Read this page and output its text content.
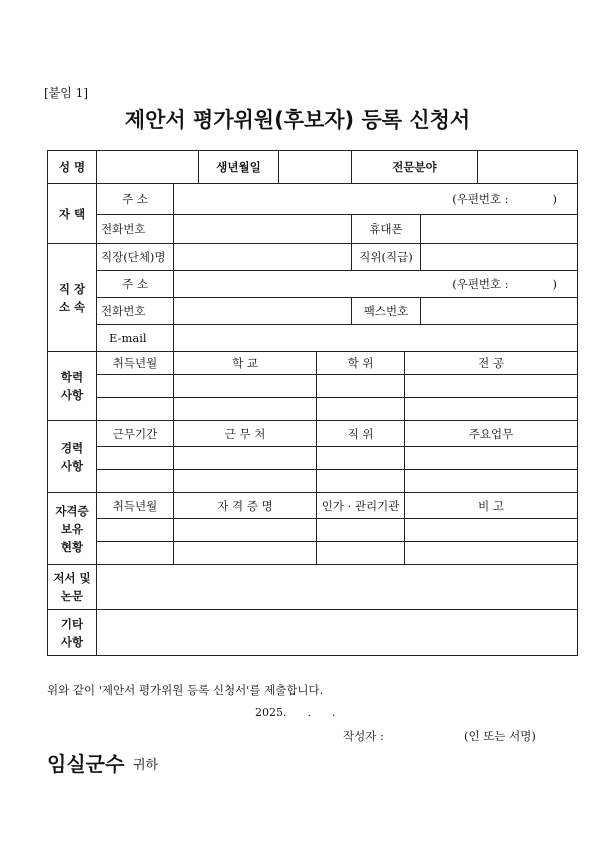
[붙임 1]
제안서 평가위원(후보자) 등록 신청서
성 명			생년월일			전문분야			
자 택	주 소	(우편번호 :            )							
	전화번호					휴대폰			
직 장
소 속	직장(단체)명					직위(직급)			
	주 소	(우편번호 :            )							
	전화번호					팩스번호			
	E-mail								
학력
사항	취득년월	학 교			학 위		전 공		

경력
사항	근무기간	근 무 처			직 위		주요업무		

자격증
보유
현황	취득년월	자 격 증 명			인가 · 관리기관		비 고		

저서 및
논문									
기타
사항									
위와 같이 '제안서 평가위원 등록 신청서'를 제출합니다.
2025.      .      .
작성자 :	(인 또는 서명)
임실군수 귀하
